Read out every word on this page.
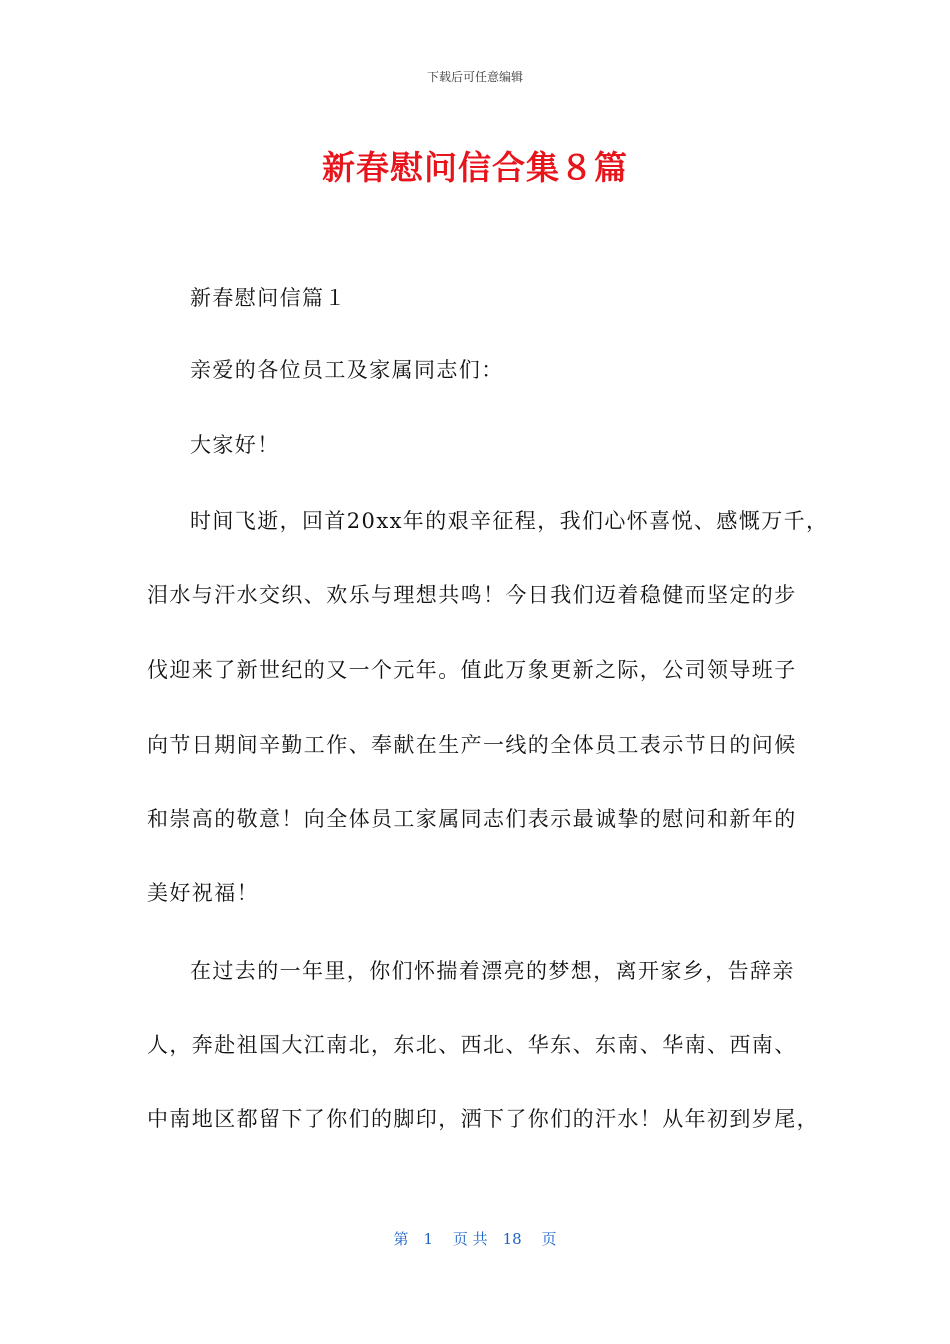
下载后可任意编辑
新春慰问信合集８篇
新春慰问信篇１
亲爱的各位员工及家属同志们：
大家好！
时间飞逝，回首20xx年的艰辛征程，我们心怀喜悦、感慨万千，
泪水与汗水交织、欢乐与理想共鸣！今日我们迈着稳健而坚定的步
伐迎来了新世纪的又一个元年。值此万象更新之际，公司领导班子
向节日期间辛勤工作、奉献在生产一线的全体员工表示节日的问候
和崇高的敬意！向全体员工家属同志们表示最诚挚的慰问和新年的
美好祝福！
在过去的一年里，你们怀揣着漂亮的梦想，离开家乡，告辞亲
人，奔赴祖国大江南北，东北、西北、华东、东南、华南、西南、
中南地区都留下了你们的脚印，洒下了你们的汗水！从年初到岁尾，
第　1　 页 共　18　 页
